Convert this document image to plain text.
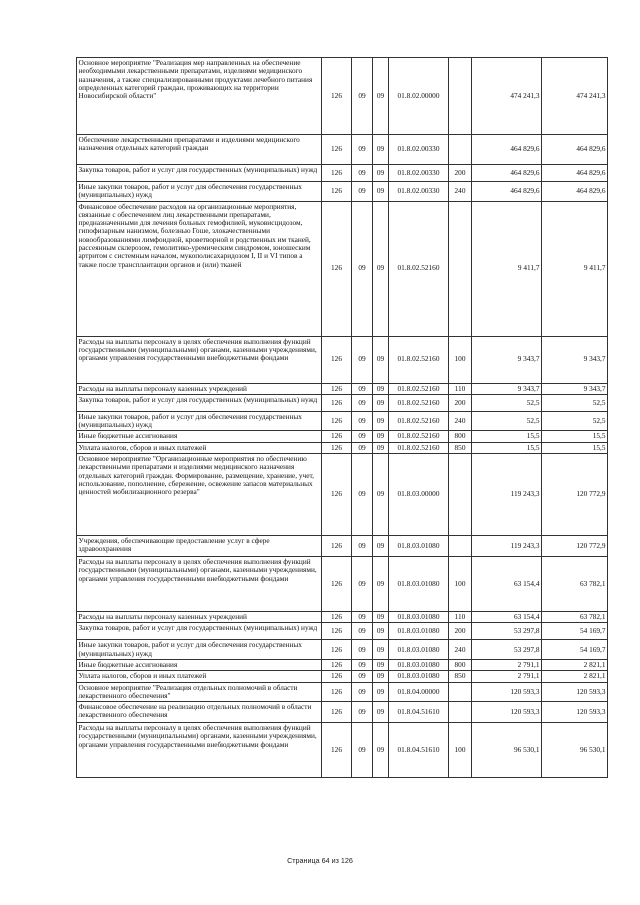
Основное мероприятие "Реализация мер направленных на обеспечение необходимыми лекарственными препаратами, изделиями медицинского назначения, а также специализированными продуктами лечебного питания определенных категорий граждан, проживающих на территории Новосибирской области"	126	09	09	01.8.02.00000		474 241,3	474 241,3
Обеспечение лекарственными препаратами и изделиями медицинского назначения отдельных категорий граждан	126	09	09	01.8.02.00330		464 829,6	464 829,6
Закупка товаров, работ и услуг для государственных (муниципальных) нужд	126	09	09	01.8.02.00330	200	464 829,6	464 829,6
Иные закупки товаров, работ и услуг для обеспечения государственных (муниципальных) нужд	126	09	09	01.8.02.00330	240	464 829,6	464 829,6
Финансовое обеспечение расходов на организационные мероприятия, связанные с обеспечением лиц лекарственными препаратами, предназначенными для лечения больных гемофилией, муковисцидозом, гипофизарным нанизмом, болезнью Гоше, злокачественными новообразованиями лимфоидной, кроветворной и родственных им тканей, рассеянным склерозом, гемолитико-уремическим синдромом, юношеским артритом с системным началом, мукополисахаридозом I, II и VI типов а также после трансплантации органов и (или) тканей	126	09	09	01.8.02.52160		9 411,7	9 411,7
Расходы на выплаты персоналу в целях обеспечения выполнения функций государственными (муниципальными) органами, казенными учреждениями, органами управления государственными внебюджетными фондами	126	09	09	01.8.02.52160	100	9 343,7	9 343,7
Расходы на выплаты персоналу казенных учреждений	126	09	09	01.8.02.52160	110	9 343,7	9 343,7
Закупка товаров, работ и услуг для государственных (муниципальных) нужд	126	09	09	01.8.02.52160	200	52,5	52,5
Иные закупки товаров, работ и услуг для обеспечения государственных (муниципальных) нужд	126	09	09	01.8.02.52160	240	52,5	52,5
Иные бюджетные ассигнования	126	09	09	01.8.02.52160	800	15,5	15,5
Уплата налогов, сборов и иных платежей	126	09	09	01.8.02.52160	850	15,5	15,5
Основное мероприятие "Организационные мероприятия по обеспечению лекарственными препаратами и изделиями медицинского назначения отдельных категорий граждан. Формирование, размещение, хранение, учет, использование, пополнение, сбережение, освежение запасов материальных ценностей мобилизационного резерва"	126	09	09	01.8.03.00000		119 243,3	120 772,9
Учреждения, обеспечивающие предоставление услуг в сфере здравоохранения	126	09	09	01.8.03.01080		119 243,3	120 772,9
Расходы на выплаты персоналу в целях обеспечения выполнения функций государственными (муниципальными) органами, казенными учреждениями, органами управления государственными внебюджетными фондами	126	09	09	01.8.03.01080	100	63 154,4	63 782,1
Расходы на выплаты персоналу казенных учреждений	126	09	09	01.8.03.01080	110	63 154,4	63 782,1
Закупка товаров, работ и услуг для государственных (муниципальных) нужд	126	09	09	01.8.03.01080	200	53 297,8	54 169,7
Иные закупки товаров, работ и услуг для обеспечения государственных (муниципальных) нужд	126	09	09	01.8.03.01080	240	53 297,8	54 169,7
Иные бюджетные ассигнования	126	09	09	01.8.03.01080	800	2 791,1	2 821,1
Уплата налогов, сборов и иных платежей	126	09	09	01.8.03.01080	850	2 791,1	2 821,1
Основное мероприятие "Реализация отдельных полномочий в области лекарственного обеспечения"	126	09	09	01.8.04.00000		120 593,3	120 593,3
Финансовое обеспечение на реализацию отдельных полномочий в области лекарственного обеспечения	126	09	09	01.8.04.51610		120 593,3	120 593,3
Расходы на выплаты персоналу в целях обеспечения выполнения функций государственными (муниципальными) органами, казенными учреждениями, органами управления государственными внебюджетными фондами	126	09	09	01.8.04.51610	100	96 530,1	96 530,1
Страница 64 из 126
